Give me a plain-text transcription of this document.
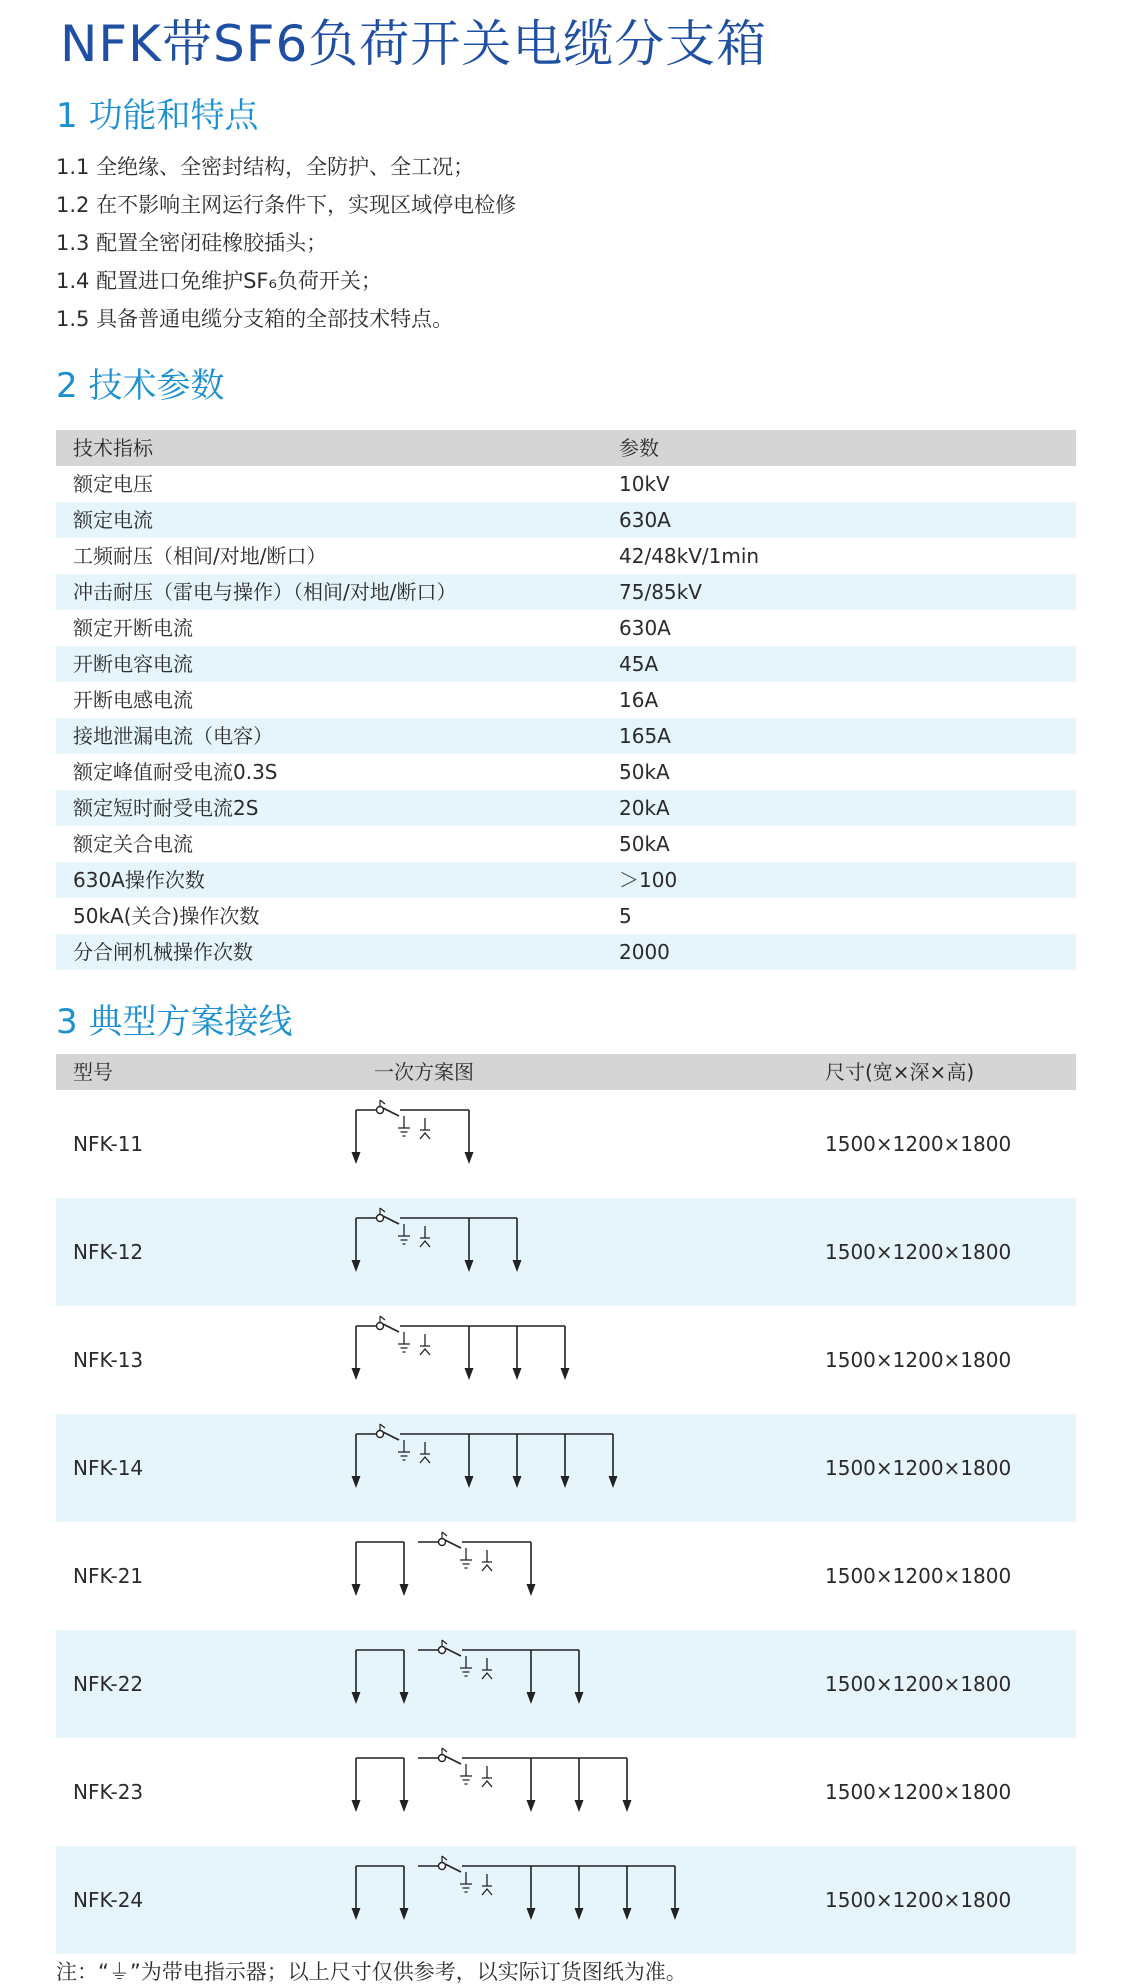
NFK带SF6负荷开关电缆分支箱
1 功能和特点
1.1 全绝缘、全密封结构，全防护、全工况；
1.2 在不影响主网运行条件下，实现区域停电检修
1.3 配置全密闭硅橡胶插头；
1.4 配置进口免维护SF₆负荷开关；
1.5 具备普通电缆分支箱的全部技术特点。
2 技术参数
技术指标	参数
额定电压	10kV
额定电流	630A
工频耐压（相间/对地/断口）	42/48kV/1min
冲击耐压（雷电与操作）（相间/对地/断口）	75/85kV
额定开断电流	630A
开断电容电流	45A
开断电感电流	16A
接地泄漏电流（电容）	165A
额定峰值耐受电流0.3S	50kA
额定短时耐受电流2S	20kA
额定关合电流	50kA
630A操作次数	＞100
50kA(关合)操作次数	5
分合闸机械操作次数	2000
3 典型方案接线
型号	一次方案图	尺寸(宽×深×高)
NFK-11	1500×1200×1800
NFK-12	1500×1200×1800
NFK-13	1500×1200×1800
NFK-14	1500×1200×1800
NFK-21	1500×1200×1800
NFK-22	1500×1200×1800
NFK-23	1500×1200×1800
NFK-24	1500×1200×1800
注：“⏚”为带电指示器；以上尺寸仅供参考，以实际订货图纸为准。
